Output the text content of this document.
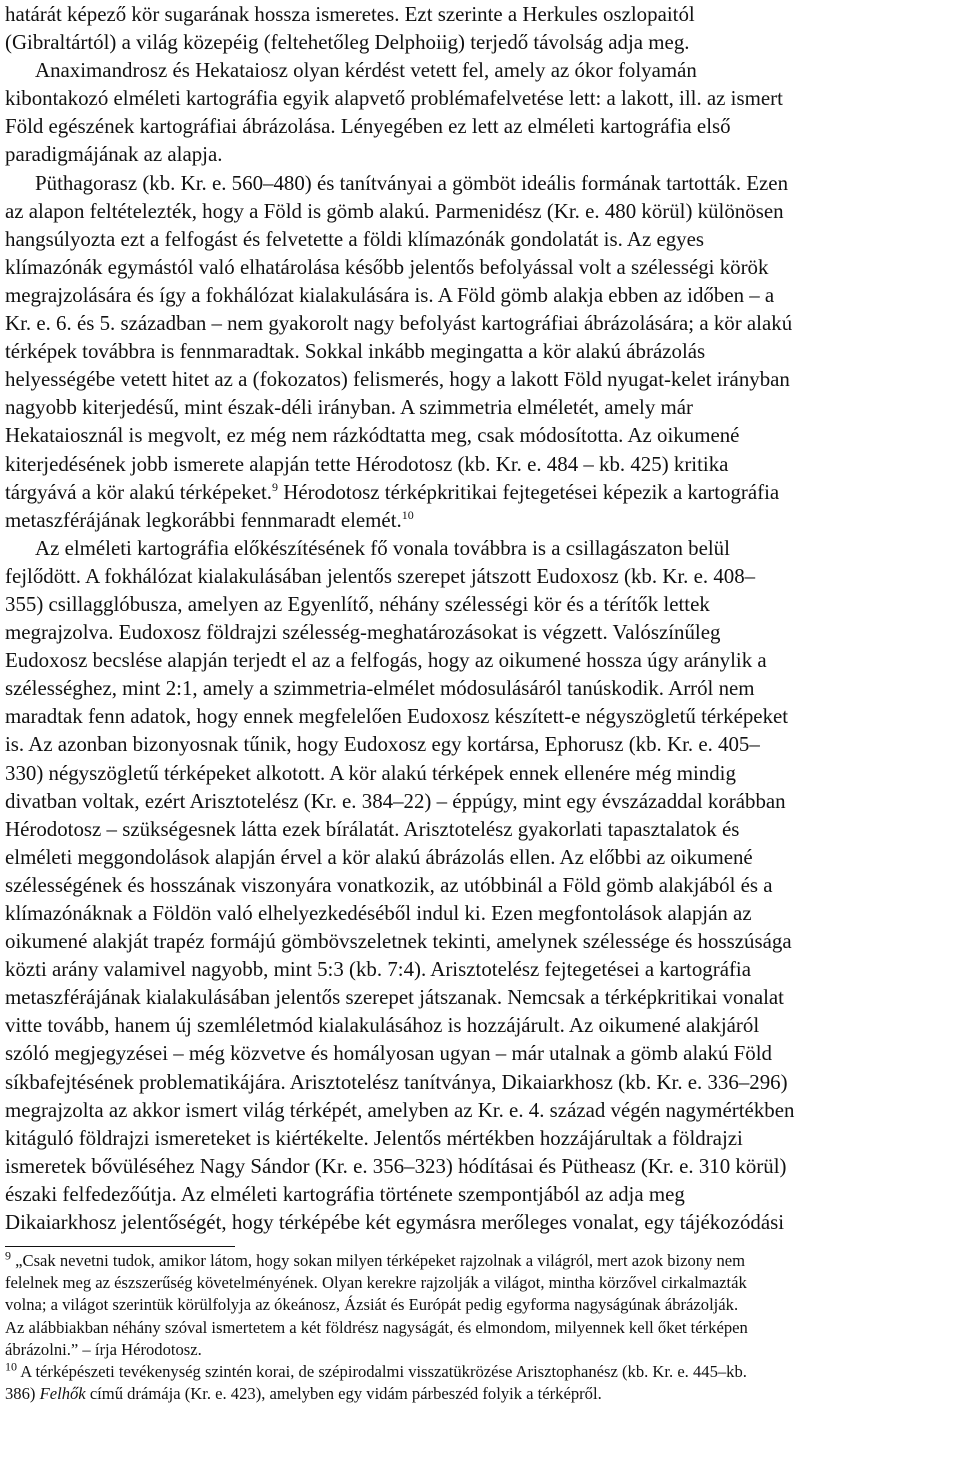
határát képező kör sugarának hossza ismeretes. Ezt szerinte a Herkules oszlopaitól
(Gibraltártól) a világ közepéig (feltehetőleg Delphoiig) terjedő távolság adja meg.

Anaximandrosz és Hekataiosz olyan kérdést vetett fel, amely az ókor folyamán
kibontakozó elméleti kartográfia egyik alapvető problémafelvetése lett: a lakott, ill. az ismert
Föld egészének kartográfiai ábrázolása. Lényegében ez lett az elméleti kartográfia első
paradigmájának az alapja.

Püthagorasz (kb. Kr. e. 560–480) és tanítványai a gömböt ideális formának tartották. Ezen
az alapon feltételezték, hogy a Föld is gömb alakú. Parmenidész (Kr. e. 480 körül) különösen
hangsúlyozta ezt a felfogást és felvetette a földi klímazónák gondolatát is. Az egyes
klímazónák egymástól való elhatárolása később jelentős befolyással volt a szélességi körök
megrajzolására és így a fokhálózat kialakulására is. A Föld gömb alakja ebben az időben – a
Kr. e. 6. és 5. században – nem gyakorolt nagy befolyást kartográfiai ábrázolására; a kör alakú
térképek továbbra is fennmaradtak. Sokkal inkább megingatta a kör alakú ábrázolás
helyességébe vetett hitet az a (fokozatos) felismerés, hogy a lakott Föld nyugat-kelet irányban
nagyobb kiterjedésű, mint észak-déli irányban. A szimmetria elméletét, amely már
Hekataiosznál is megvolt, ez még nem rázkódtatta meg, csak módosította. Az oikumené
kiterjedésének jobb ismerete alapján tette Hérodotosz (kb. Kr. e. 484 – kb. 425) kritika
tárgyává a kör alakú térképeket.$^9$ Hérodotosz térképkritikai fejtegetései képezik a kartográfia
metaszférájának legkorábbi fennmaradt elemét.$^{10}$

Az elméleti kartográfia előkészítésének fő vonala továbbra is a csillagászaton belül
fejlődött. A fokhálózat kialakulásában jelentős szerepet játszott Eudoxosz (kb. Kr. e. 408–
355) csillagglóbusza, amelyen az Egyenlítő, néhány szélességi kör és a térítők lettek
megrajzolva. Eudoxosz földrajzi szélesség-meghatározásokat is végzett. Valószínűleg
Eudoxosz becslése alapján terjedt el az a felfogás, hogy az oikumené hossza úgy aránylik a
szélességhez, mint 2:1, amely a szimmetria-elmélet módosulásáról tanúskodik. Arról nem
maradtak fenn adatok, hogy ennek megfelelően Eudoxosz készített-e négyszögletű térképeket
is. Az azonban bizonyosnak tűnik, hogy Eudoxosz egy kortársa, Ephorusz (kb. Kr. e. 405–
330) négyszögletű térképeket alkotott. A kör alakú térképek ennek ellenére még mindig
divatban voltak, ezért Arisztotelész (Kr. e. 384–22) – éppúgy, mint egy évszázaddal korábban
Hérodotosz – szükségesnek látta ezek bírálatát. Arisztotelész gyakorlati tapasztalatok és
elméleti meggondolások alapján érvel a kör alakú ábrázolás ellen. Az előbbi az oikumené
szélességének és hosszának viszonyára vonatkozik, az utóbbinál a Föld gömb alakjából és a
klímazónáknak a Földön való elhelyezkedéséből indul ki. Ezen megfontolások alapján az
oikumené alakját trapéz formájú gömbövszeletnek tekinti, amelynek szélessége és hosszúsága
közti arány valamivel nagyobb, mint 5:3 (kb. 7:4). Arisztotelész fejtegetései a kartográfia
metaszférájának kialakulásában jelentős szerepet játszanak. Nemcsak a térképkritikai vonalat
vitte tovább, hanem új szemléletmód kialakulásához is hozzájárult. Az oikumené alakjáról
szóló megjegyzései – még közvetve és homályosan ugyan – már utalnak a gömb alakú Föld
síkbafejtésének problematikájára. Arisztotelész tanítványa, Dikaiarkhosz (kb. Kr. e. 336–296)
megrajzolta az akkor ismert világ térképét, amelyben az Kr. e. 4. század végén nagymértékben
kitáguló földrajzi ismereteket is kiértékelte. Jelentős mértékben hozzájárultak a földrajzi
ismeretek bővüléséhez Nagy Sándor (Kr. e. 356–323) hódításai és Pütheasz (Kr. e. 310 körül)
északi felfedezőútja. Az elméleti kartográfia története szempontjából az adja meg
Dikaiarkhosz jelentőségét, hogy térképébe két egymásra merőleges vonalat, egy tájékozódási

$^9$ „Csak nevetni tudok, amikor látom, hogy sokan milyen térképeket rajzolnak a világról, mert azok bizony nem
felelnek meg az észszerűség követelményének. Olyan kerekre rajzolják a világot, mintha körzővel cirkalmazták
volna; a világot szerintük körülfolyja az ókeánosz, Ázsiát és Európát pedig egyforma nagyságúnak ábrázolják.
Az alábbiakban néhány szóval ismertetem a két földrész nagyságát, és elmondom, milyennek kell őket térképen
ábrázolni.” – írja Hérodotosz.

$^{10}$ A térképészeti tevékenység szintén korai, de szépirodalmi visszatükrözése Arisztophanész (kb. Kr. e. 445–kb.
386) Felhők című drámája (Kr. e. 423), amelyben egy vidám párbeszéd folyik a térképről.
